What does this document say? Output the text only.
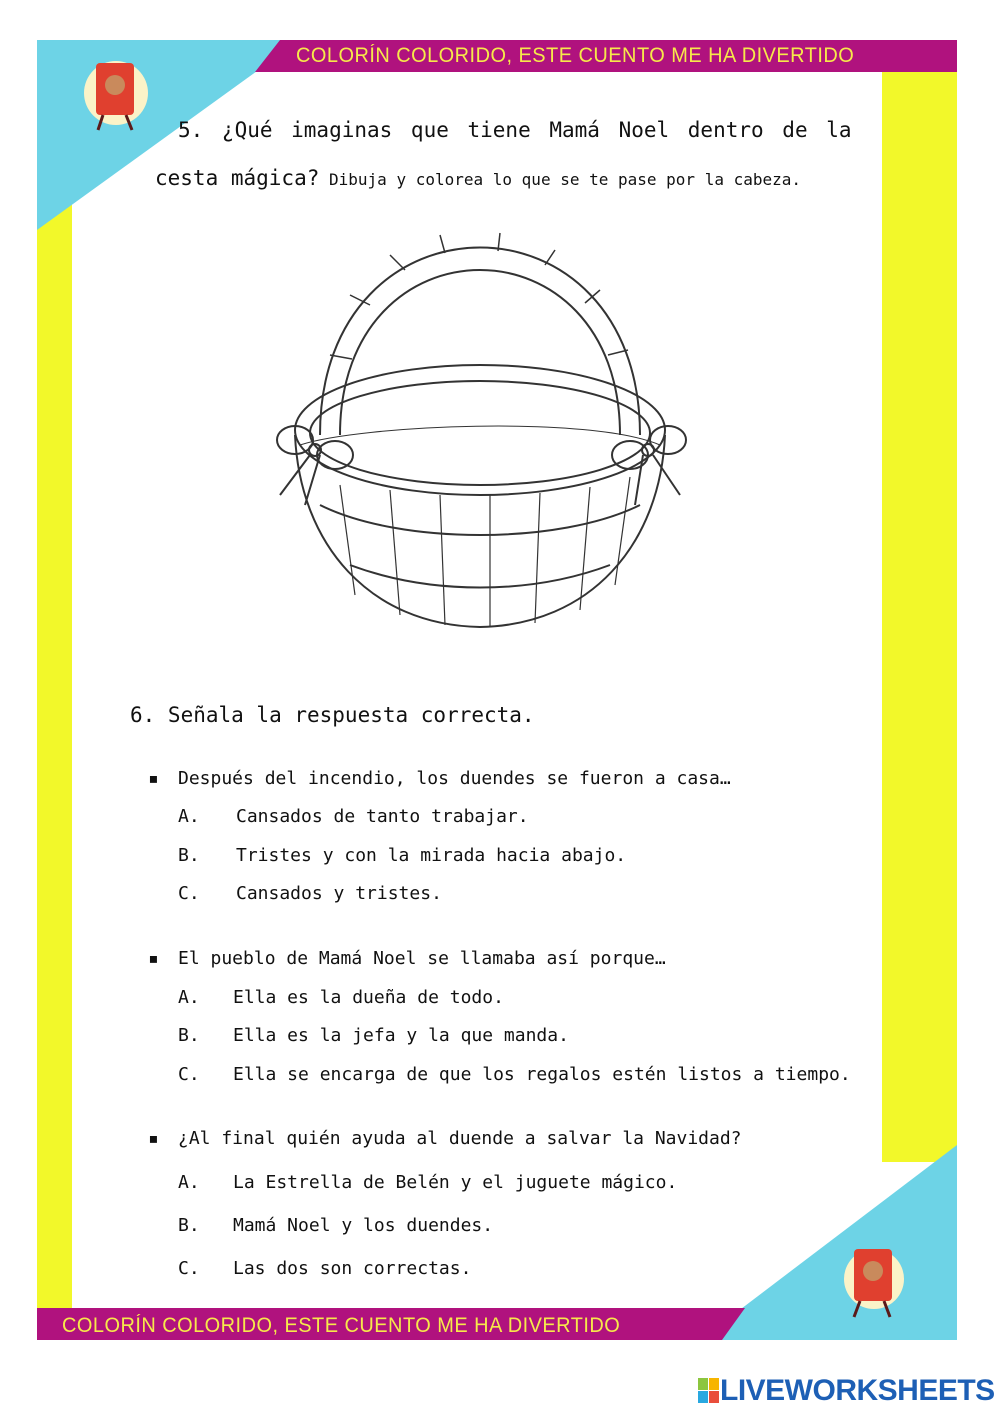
COLORÍN COLORIDO, ESTE CUENTO ME HA DIVERTIDO
COLORÍN COLORIDO, ESTE CUENTO ME HA DIVERTIDO
5. ¿Qué imaginas que tiene Mamá Noel dentro de la
cesta mágica? Dibuja y colorea lo que se te pase por la cabeza.
6. Señala la respuesta correcta.
▪ Después del incendio, los duendes se fueron a casa…
A. Cansados de tanto trabajar.
B. Tristes y con la mirada hacia abajo.
C. Cansados y tristes.
▪ El pueblo de Mamá Noel se llamaba así porque…
A. Ella es la dueña de todo.
B. Ella es la jefa y la que manda.
C. Ella se encarga de que los regalos estén listos a tiempo.
▪ ¿Al final quién ayuda al duende a salvar la Navidad?
A. La Estrella de Belén y el juguete mágico.
B. Mamá Noel y los duendes.
C. Las dos son correctas.
LIVEWORKSHEETS
